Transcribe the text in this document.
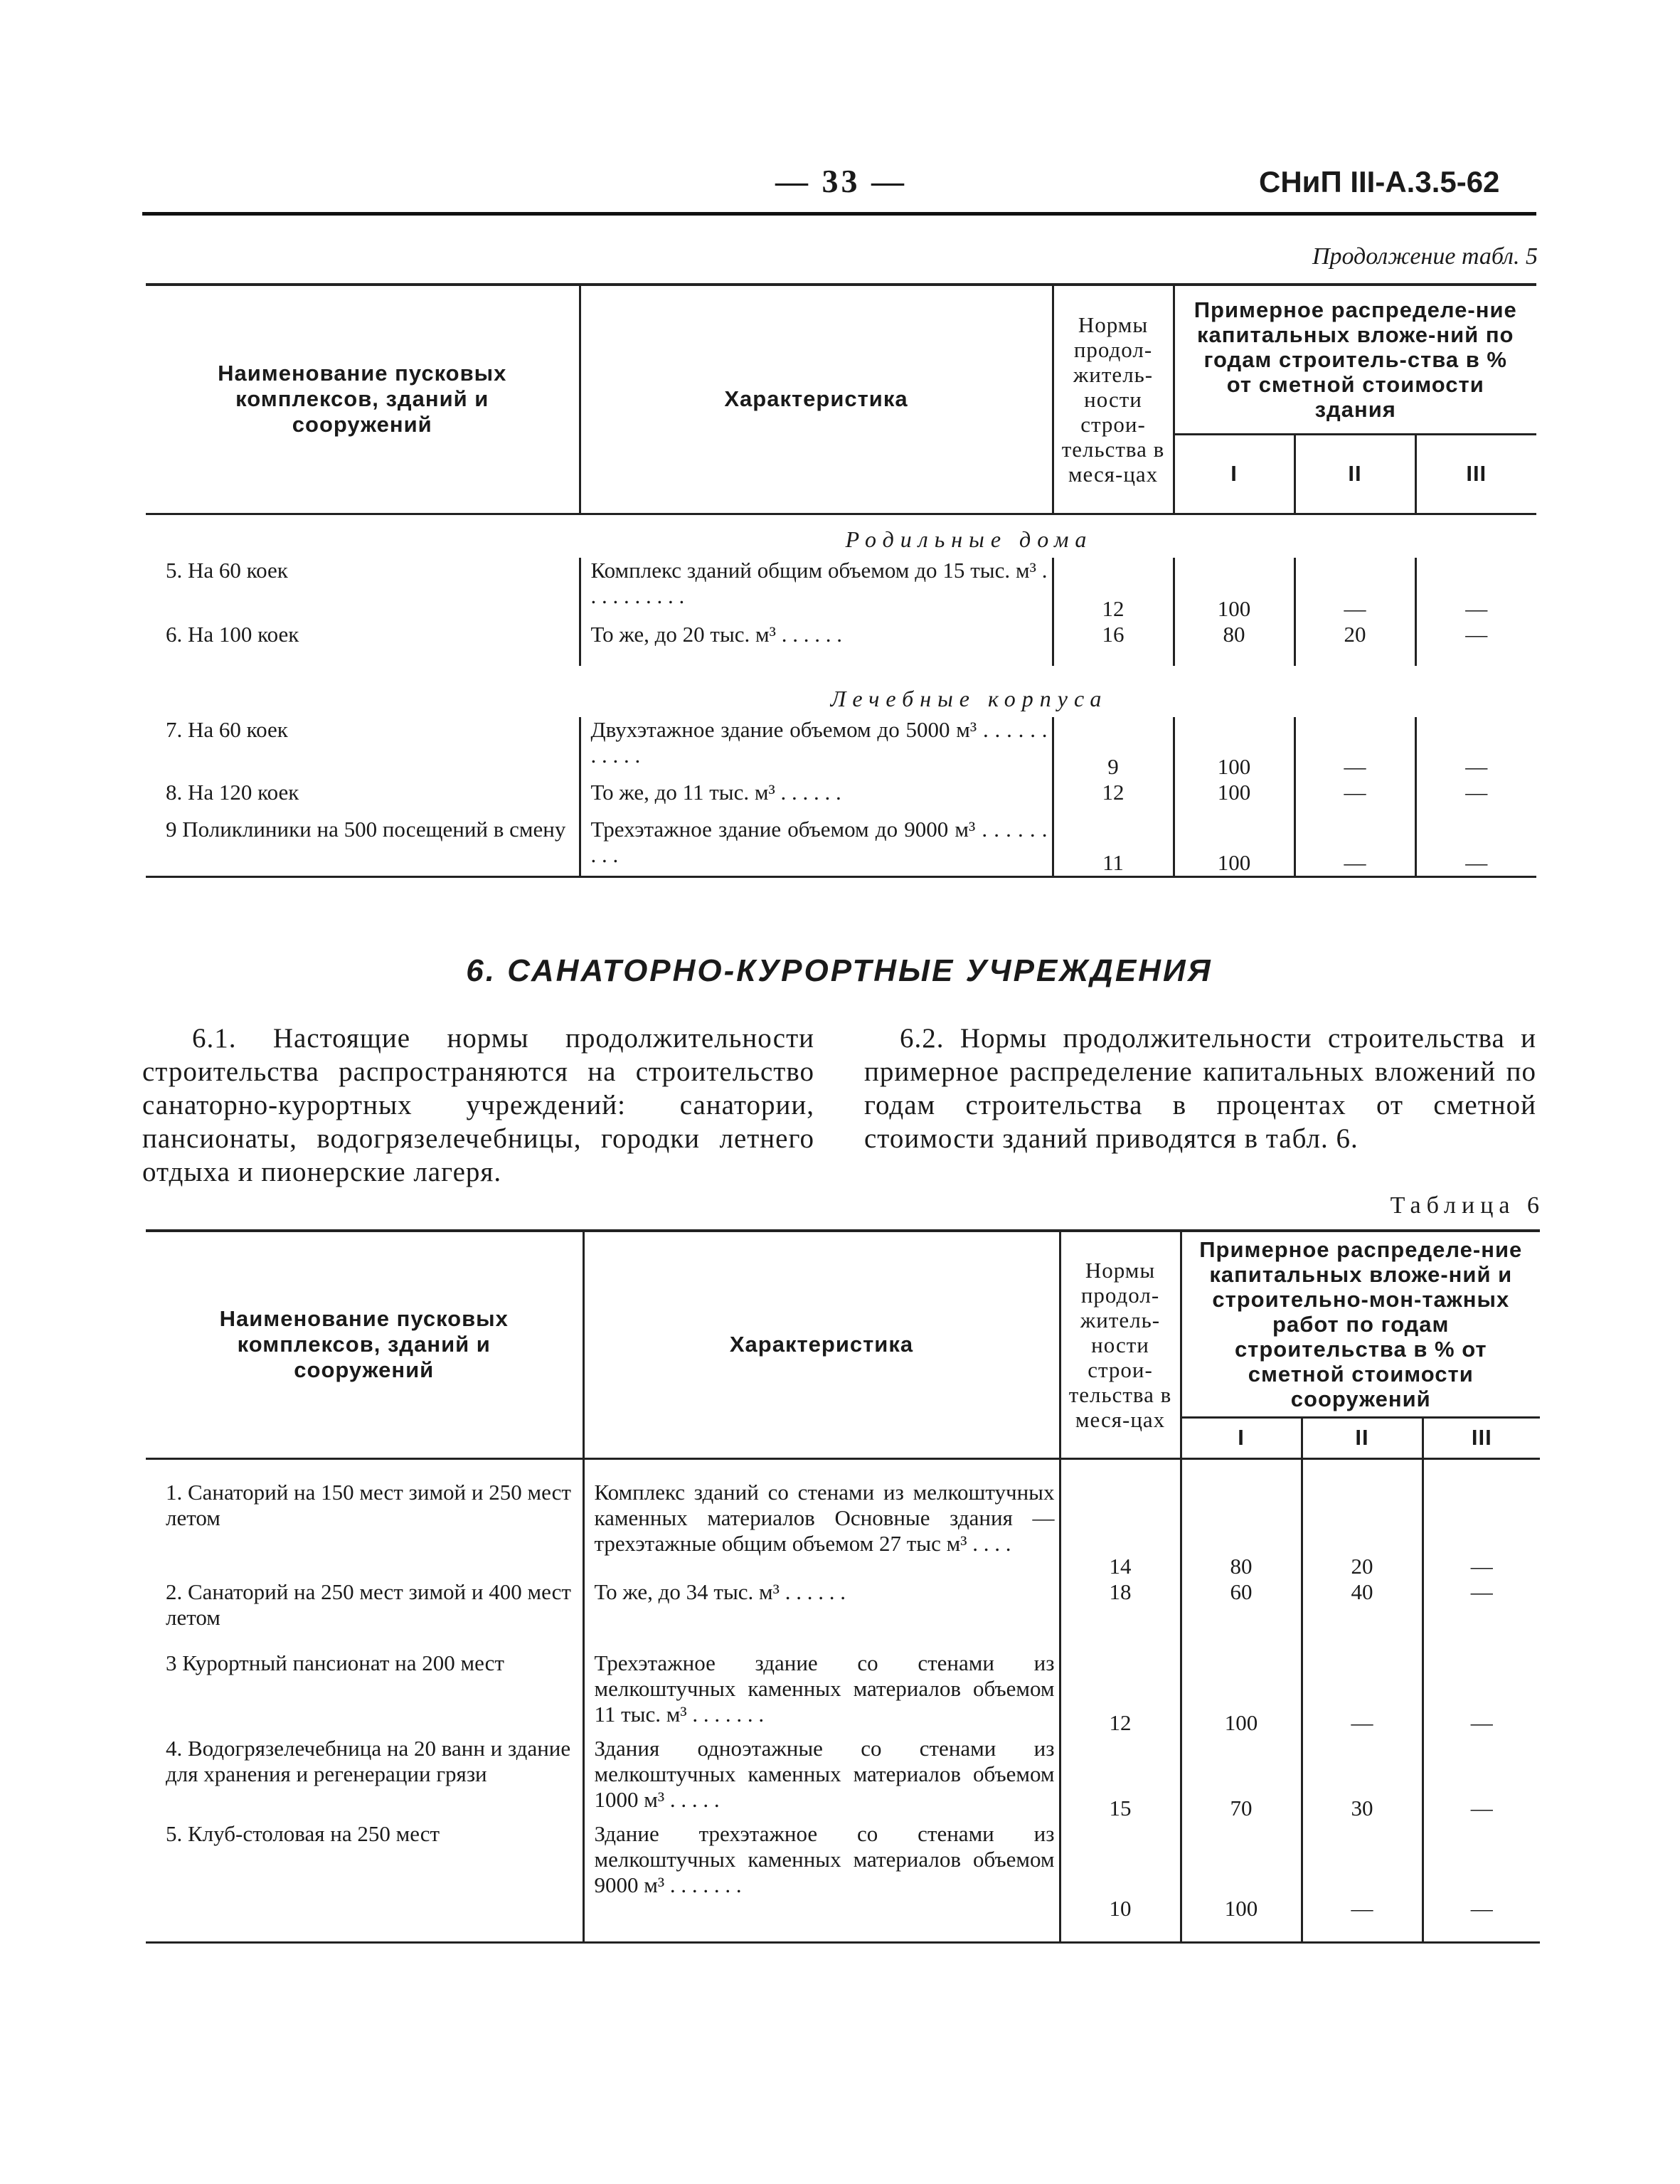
— 33 —	СНиП III-А.3.5-62
Продолжение табл. 5
Наименование пусковых комплексов, зданий и сооружений	Характеристика	Нормы продол-житель-ности строи-тельства в меся-цах	Примерное распределе-ние капитальных вложе-ний по годам строитель-ства в % от сметной стоимости здания		
			I	II	III
Родильные дома					
5. На 60 коек	Комплекс зданий общим объемом до 15 тыс. м³ . . . . . . . . . .	12	100	—	—
6. На 100 коек	То же, до 20 тыс. м³ . . . . . .	16	80	20	—
Лечебные корпуса					
7. На 60 коек	Двухэтажное здание объемом до 5000 м³ . . . . . . . . . . .	9	100	—	—
8. На 120 коек	То же, до 11 тыс. м³ . . . . . .	12	100	—	—
9 Поликлиники на 500 посещений в смену	Трехэтажное здание объемом до 9000 м³ . . . . . . . . .	11	100	—	—
6. САНАТОРНО-КУРОРТНЫЕ УЧРЕЖДЕНИЯ
6.1. Настоящие нормы продолжительности строительства распространяются на строительство санаторно-курортных учреждений: санатории, пансионаты, водогрязелечебницы, городки летнего отдыха и пионерские лагеря.
6.2. Нормы продолжительности строительства и примерное распределение капитальных вложений по годам строительства в процентах от сметной стоимости зданий приводятся в табл. 6.
Таблица 6
Наименование пусковых комплексов, зданий и сооружений	Характеристика	Нормы продол-житель-ности строи-тельства в меся-цах	Примерное распределе-ние капитальных вложе-ний и строительно-мон-тажных работ по годам строительства в % от сметной стоимости сооружений		
			I	II	III
1. Санаторий на 150 мест зимой и 250 мест летом	Комплекс зданий со стенами из мелкоштучных каменных материалов Основные здания — трехэтажные общим объемом 27 тыс м³ . . . .	14	80	20	—
2. Санаторий на 250 мест зимой и 400 мест летом	То же, до 34 тыс. м³ . . . . . .	18	60	40	—
3 Курортный пансионат на 200 мест	Трехэтажное здание со стенами из мелкоштучных каменных материалов объемом 11 тыс. м³ . . . . . . .	12	100	—	—
4. Водогрязелечебница на 20 ванн и здание для хранения и регенерации грязи	Здания одноэтажные со стенами из мелкоштучных каменных материалов объемом 1000 м³ . . . . .	15	70	30	—
5. Клуб-столовая на 250 мест	Здание трехэтажное со стенами из мелкоштучных каменных материалов объемом 9000 м³ . . . . . . .	10	100	—	—
